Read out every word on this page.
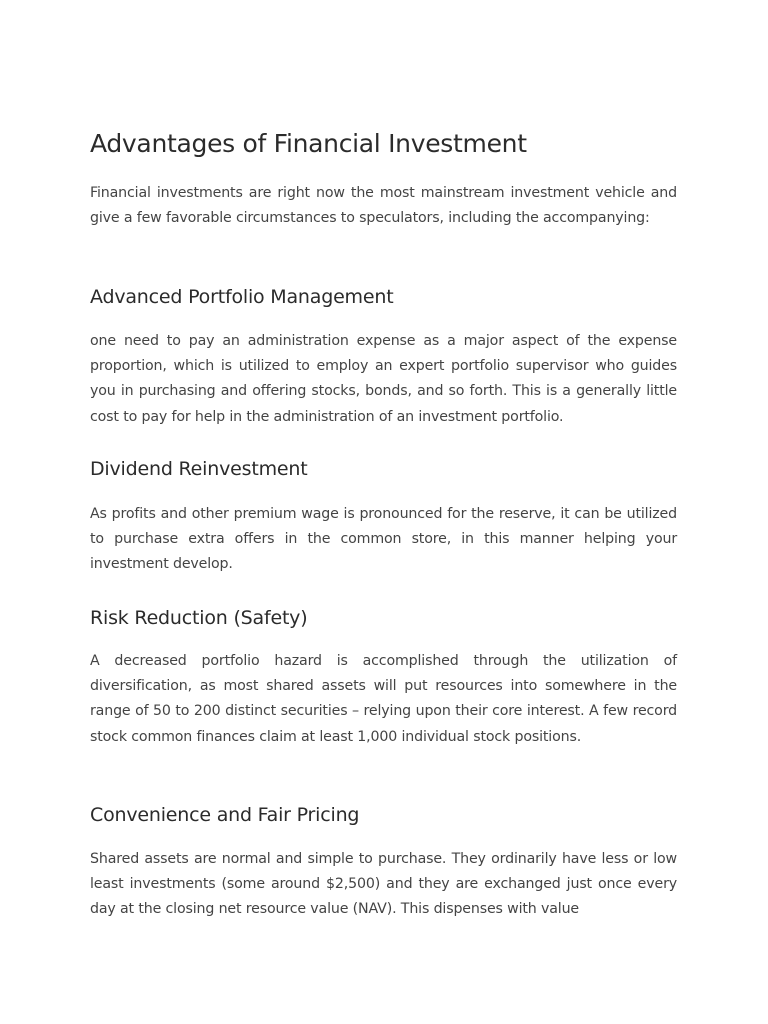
Advantages of Financial Investment

Financial investments are right now the most mainstream investment vehicle and give a few favorable circumstances to speculators, including the accompanying:

Advanced Portfolio Management

one need to pay an administration expense as a major aspect of the expense proportion, which is utilized to employ an expert portfolio supervisor who guides you in purchasing and offering stocks, bonds, and so forth. This is a generally little cost to pay for help in the administration of an investment portfolio.

Dividend Reinvestment

As profits and other premium wage is pronounced for the reserve, it can be utilized to purchase extra offers in the common store, in this manner helping your investment develop.

Risk Reduction (Safety)

A decreased portfolio hazard is accomplished through the utilization of diversification, as most shared assets will put resources into somewhere in the range of 50 to 200 distinct securities – relying upon their core interest. A few record stock common finances claim at least 1,000 individual stock positions.

Convenience and Fair Pricing

Shared assets are normal and simple to purchase. They ordinarily have less or low least investments (some around $2,500) and they are exchanged just once every day at the closing net resource value (NAV). This dispenses with value
